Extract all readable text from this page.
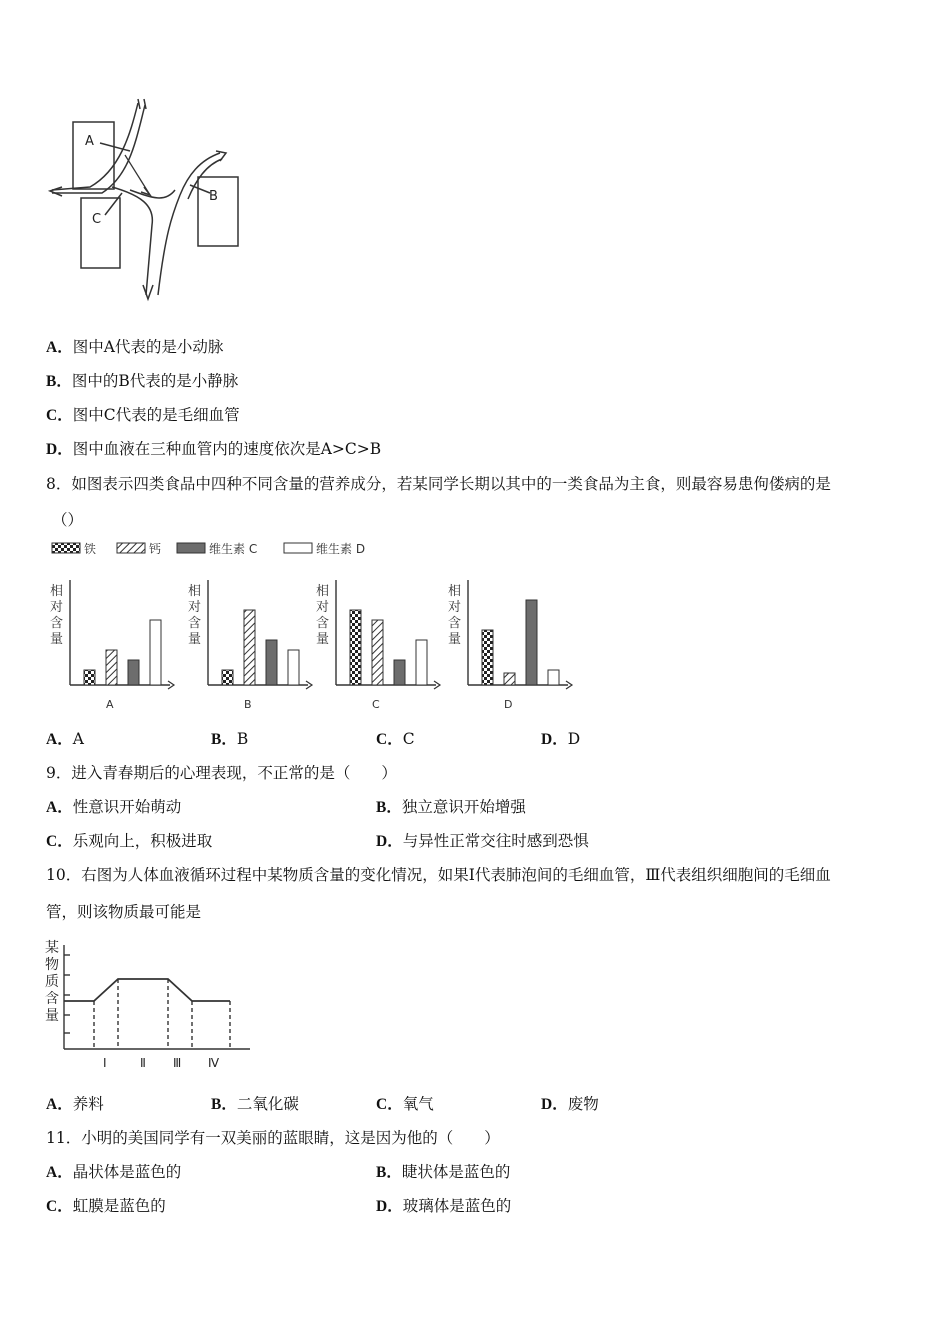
A
C
B
A．图中A代表的是小动脉
B．图中的B代表的是小静脉
C．图中C代表的是毛细血管
D．图中血液在三种血管内的速度依次是A>C>B
8．如图表示四类食品中四种不同含量的营养成分，若某同学长期以其中的一类食品为主食，则最容易患佝偻病的是
（）
铁	钙	维生素 C	维生素 D
相
对
含
量
A
相
对
含
量
B
相
对
含
量
C
相
对
含
量
D
A．A	B．B	C．C	D．D
9．进入青春期后的心理表现，不正常的是（　　）
A．性意识开始萌动	B．独立意识开始增强
C．乐观向上，积极进取	D．与异性正常交往时感到恐惧
10．右图为人体血液循环过程中某物质含量的变化情况，如果Ⅰ代表肺泡间的毛细血管，Ⅲ代表组织细胞间的毛细血
管，则该物质最可能是
某
物
质
含
量
Ⅰ	Ⅱ Ⅲ Ⅳ
A．养料	B．二氧化碳	C．氧气	D．废物
11．小明的美国同学有一双美丽的蓝眼睛，这是因为他的（　　）
A．晶状体是蓝色的	B．睫状体是蓝色的
C．虹膜是蓝色的	D．玻璃体是蓝色的
